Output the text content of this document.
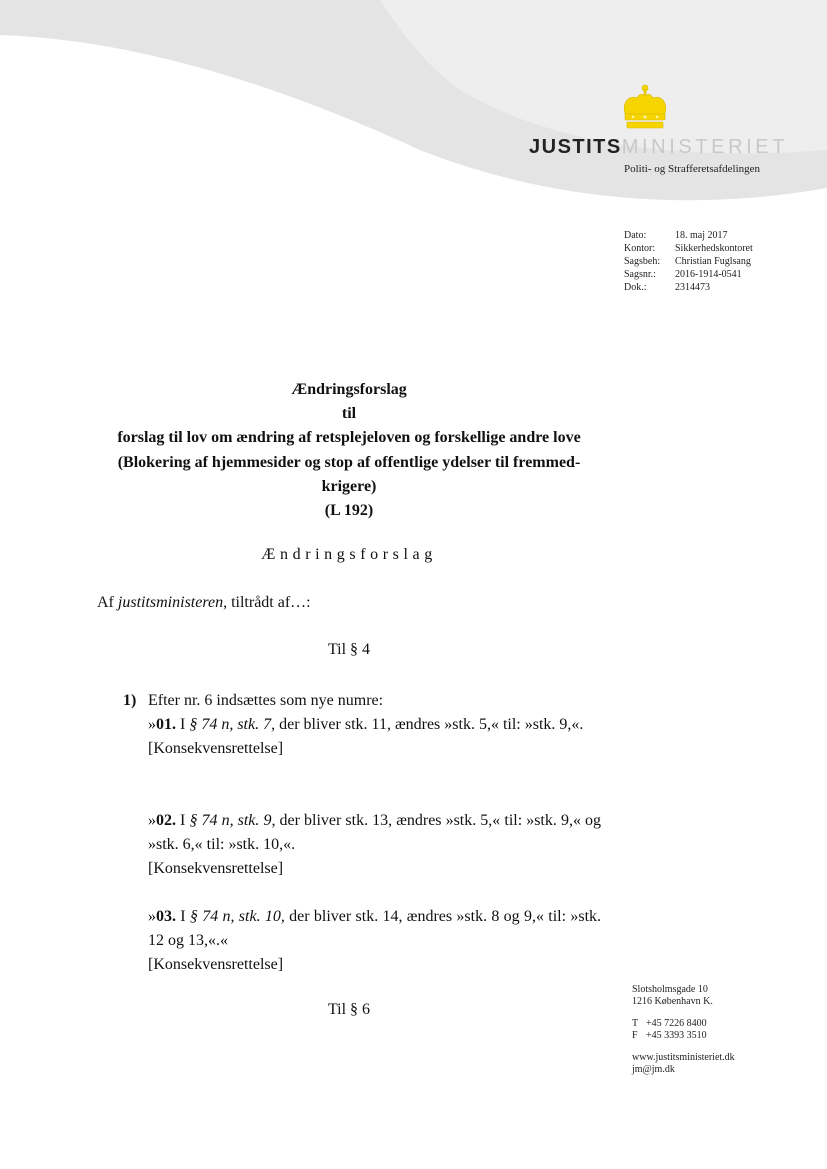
JUSTITSMINISTERIET
Politi- og Strafferetsafdelingen
Dato:	18. maj 2017
Kontor:	Sikkerhedskontoret
Sagsbeh:	Christian Fuglsang
Sagsnr.:	2016-1914-0541
Dok.:	2314473
Ændringsforslag
til
forslag til lov om ændring af retsplejeloven og forskellige andre love
(Blokering af hjemmesider og stop af offentlige ydelser til fremmed-
krigere)
(L 192)
Ændringsforslag
Af justitsministeren, tiltrådt af…:
Til § 4
1) Efter nr. 6 indsættes som nye numre:
»01. I § 74 n, stk. 7, der bliver stk. 11, ændres »stk. 5,« til: »stk. 9,«.
[Konsekvensrettelse]
»02. I § 74 n, stk. 9, der bliver stk. 13, ændres »stk. 5,« til: »stk. 9,« og »stk. 6,« til: »stk. 10,«.
[Konsekvensrettelse]
»03. I § 74 n, stk. 10, der bliver stk. 14, ændres »stk. 8 og 9,« til: »stk. 12 og 13,«.«
[Konsekvensrettelse]
Til § 6
Slotsholmsgade 10
1216 København K.
T +45 7226 8400
F +45 3393 3510
www.justitsministeriet.dk
jm@jm.dk
